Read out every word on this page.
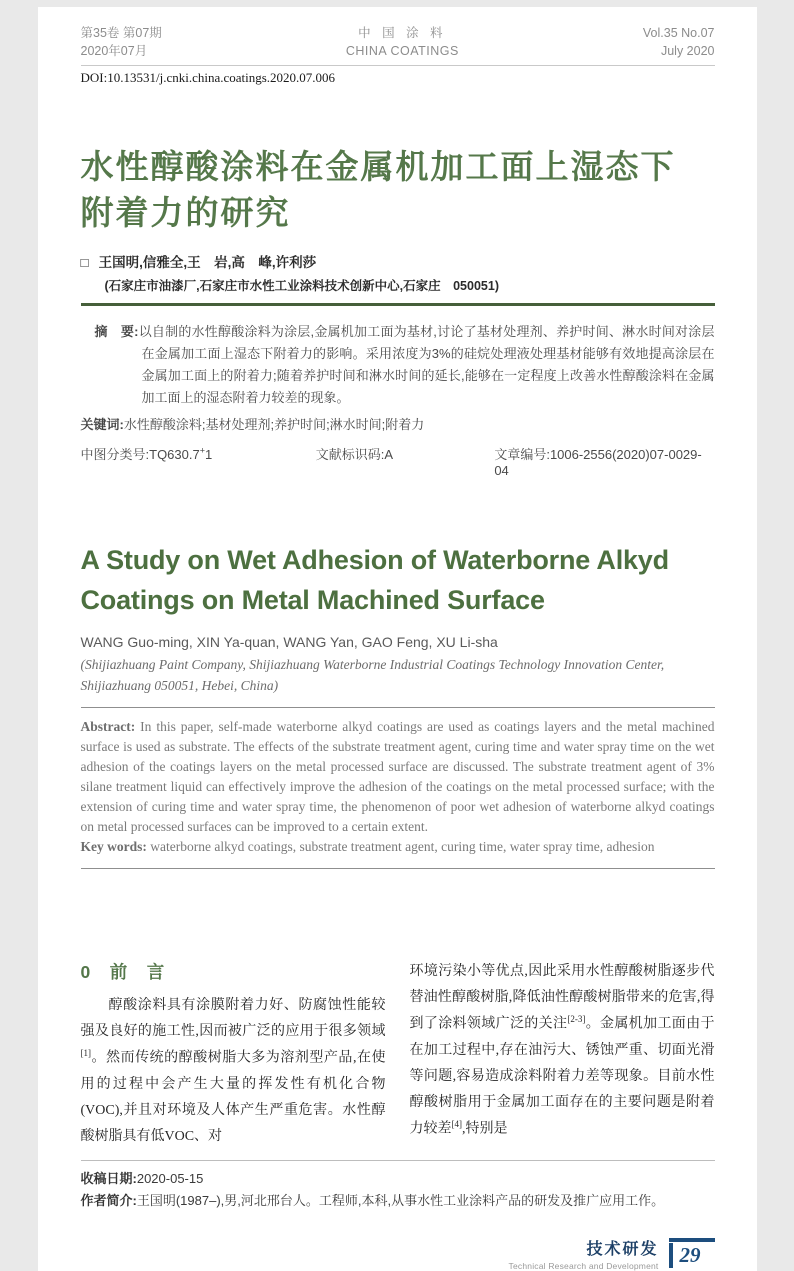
第35卷 第07期
2020年07月
中 国 涂 料
CHINA COATINGS
Vol.35 No.07
July 2020
DOI:10.13531/j.cnki.china.coatings.2020.07.006
水性醇酸涂料在金属机加工面上湿态下
附着力的研究
□ 王国明,信雅全,王　岩,高　峰,许利莎
(石家庄市油漆厂,石家庄市水性工业涂料技术创新中心,石家庄　050051)

摘　要:以自制的水性醇酸涂料为涂层,金属机加工面为基材,讨论了基材处理剂、养护时间、淋水时间对涂层在金属加工面上湿态下附着力的影响。采用浓度为3%的硅烷处理液处理基材能够有效地提高涂层在金属加工面上的附着力;随着养护时间和淋水时间的延长,能够在一定程度上改善水性醇酸涂料在金属加工面上的湿态附着力较差的现象。

关键词:水性醇酸涂料;基材处理剂;养护时间;淋水时间;附着力

中图分类号:TQ630.7+1	文献标识码:A	文章编号:1006-2556(2020)07-0029-04
A Study on Wet Adhesion of Waterborne Alkyd Coatings on Metal Machined Surface
WANG Guo-ming, XIN Ya-quan, WANG Yan, GAO Feng, XU Li-sha
(Shijiazhuang Paint Company, Shijiazhuang Waterborne Industrial Coatings Technology Innovation Center, Shijiazhuang 050051, Hebei, China)

Abstract: In this paper, self-made waterborne alkyd coatings are used as coatings layers and the metal machined surface is used as substrate. The effects of the substrate treatment agent, curing time and water spray time on the wet adhesion of the coatings layers on the metal processed surface are discussed. The substrate treatment agent of 3% silane treatment liquid can effectively improve the adhesion of the coatings on the metal processed surface; with the extension of curing time and water spray time, the phenomenon of poor wet adhesion of waterborne alkyd coatings on metal processed surfaces can be improved to a certain extent.

Key words: waterborne alkyd coatings, substrate treatment agent, curing time, water spray time, adhesion

0　前　言

醇酸涂料具有涂膜附着力好、防腐蚀性能较强及良好的施工性,因而被广泛的应用于很多领域[1]。然而传统的醇酸树脂大多为溶剂型产品,在使用的过程中会产生大量的挥发性有机化合物(VOC),并且对环境及人体产生严重危害。水性醇酸树脂具有低VOC、对

环境污染小等优点,因此采用水性醇酸树脂逐步代替油性醇酸树脂,降低油性醇酸树脂带来的危害,得到了涂料领域广泛的关注[2-3]。金属机加工面由于在加工过程中,存在油污大、锈蚀严重、切面光滑等问题,容易造成涂料附着力差等现象。目前水性醇酸树脂用于金属加工面存在的主要问题是附着力较差[4],特别是

收稿日期:2020-05-15
作者简介:王国明(1987–),男,河北邢台人。工程师,本科,从事水性工业涂料产品的研发及推广应用工作。
技术研发
Technical Research and Development 29
